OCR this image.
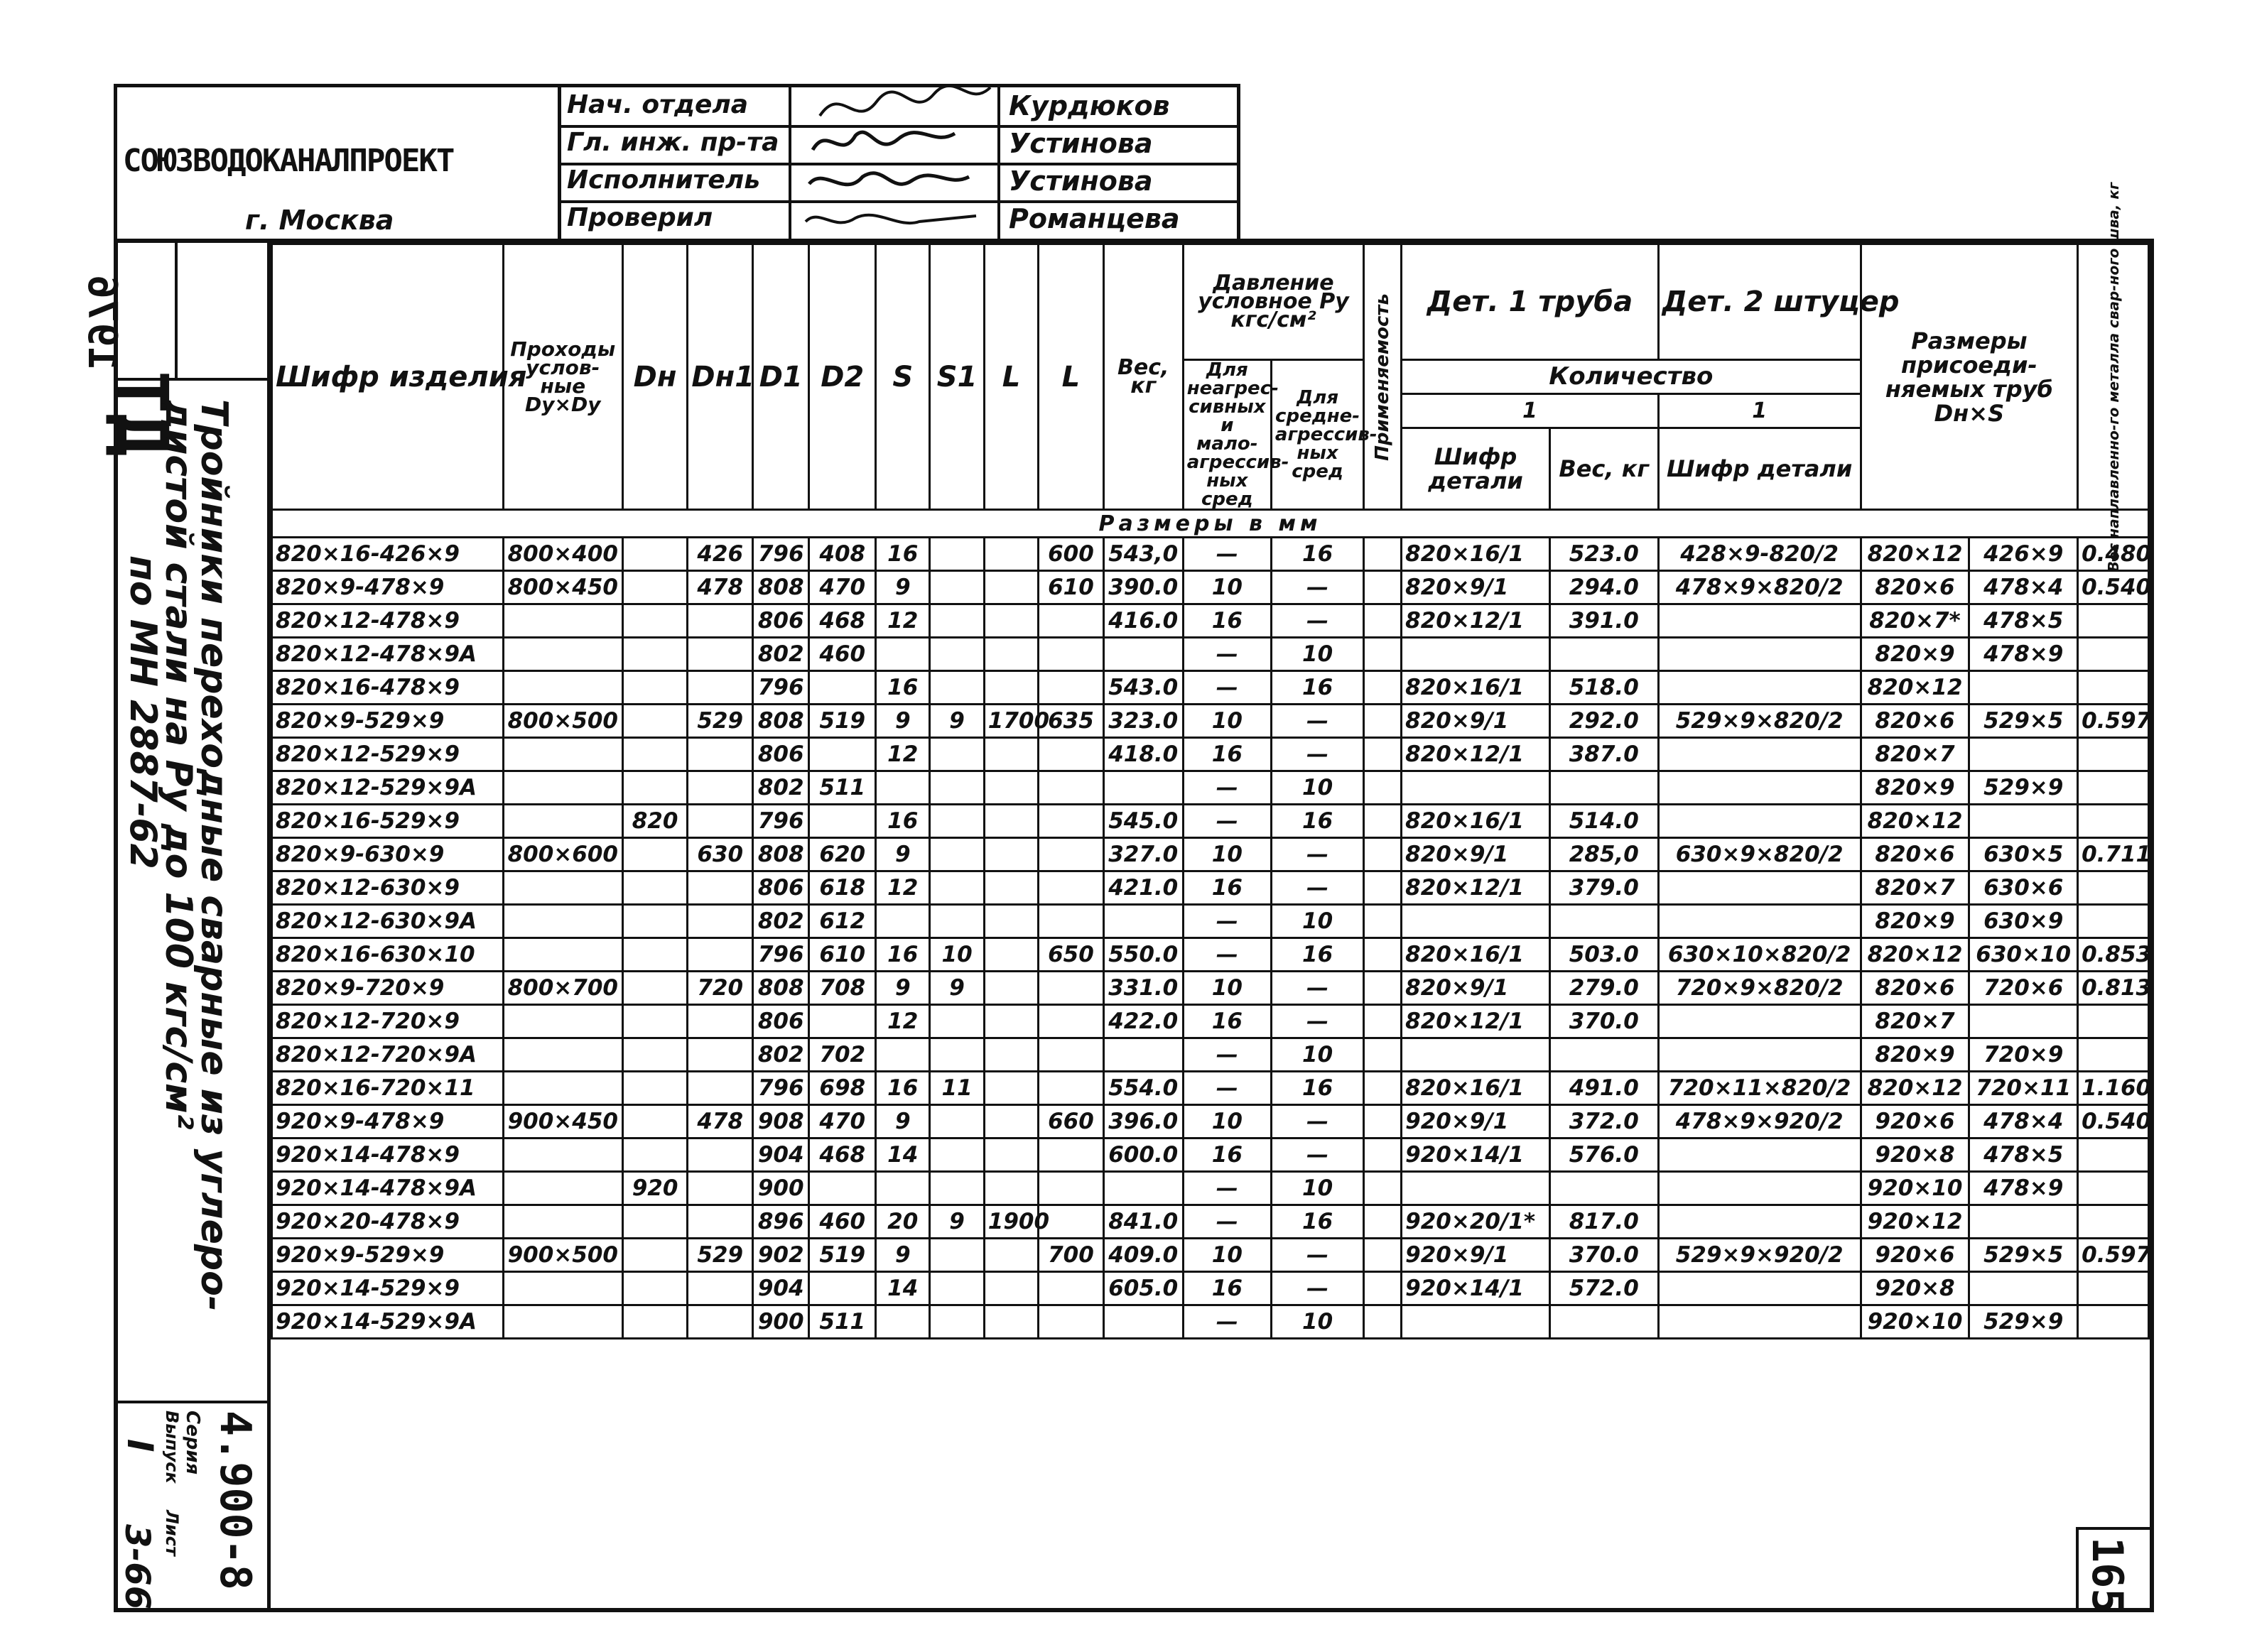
СОЮЗВОДОКАНАЛПРОЕКТ
г. Москва
Нач. отдела	Курдюков
Гл. инж. пр-та	Устинова
Исполнитель	Устинова
Проверил	Романцева
1976
ТД Тройники переходные сварные из углеро-
дистой стали на Ру до 100 кгс/см²
по МН 2887-62
Серия 4.900-8
Выпуск
I
Лист
3-66
Шифр изделия	Проходы услов-ные Dу×Dу	Dн	Dн1	D1	D2	S	S1	L	L	Вес, кг	Давление условное Ру кгс/см²		Применяемость	Дет. 1 труба		Дет. 2 штуцер	Размеры присоеди-няемых труб Dн×S		Вес наплавленно-го металла свар-ного шва, кг

											Для неагрес-сивных и мало-агрессив-ных сред	Для средне-агрессив-ных сред		Количество					
														1		1			
														Шифр детали	Вес, кг	Шифр детали			
Размеры в мм																			
820×16-426×9	800×400		426	796	408	16			600	543,0	—	16		820×16/1	523.0	428×9-820/2	820×12	426×9	0.480
820×9-478×9	800×450		478	808	470	9			610	390.0	10	—		820×9/1	294.0	478×9×820/2	820×6	478×4	0.540
820×12-478×9				806	468	12				416.0	16	—		820×12/1	391.0		820×7*	478×5	
820×12-478×9А				802	460						—	10					820×9	478×9	
820×16-478×9				796		16				543.0	—	16		820×16/1	518.0		820×12		
820×9-529×9	800×500		529	808	519	9	9	1700	635	323.0	10	—		820×9/1	292.0	529×9×820/2	820×6	529×5	0.597
820×12-529×9				806		12				418.0	16	—		820×12/1	387.0		820×7		
820×12-529×9А				802	511						—	10					820×9	529×9	
820×16-529×9		820		796		16				545.0	—	16		820×16/1	514.0		820×12		
820×9-630×9	800×600		630	808	620	9				327.0	10	—		820×9/1	285,0	630×9×820/2	820×6	630×5	0.711
820×12-630×9				806	618	12				421.0	16	—		820×12/1	379.0		820×7	630×6	
820×12-630×9А				802	612						—	10					820×9	630×9	
820×16-630×10				796	610	16	10		650	550.0	—	16		820×16/1	503.0	630×10×820/2	820×12	630×10	0.853
820×9-720×9	800×700		720	808	708	9	9			331.0	10	—		820×9/1	279.0	720×9×820/2	820×6	720×6	0.813
820×12-720×9				806		12				422.0	16	—		820×12/1	370.0		820×7		
820×12-720×9А				802	702						—	10					820×9	720×9	
820×16-720×11				796	698	16	11			554.0	—	16		820×16/1	491.0	720×11×820/2	820×12	720×11	1.160
920×9-478×9	900×450		478	908	470	9			660	396.0	10	—		920×9/1	372.0	478×9×920/2	920×6	478×4	0.540
920×14-478×9				904	468	14				600.0	16	—		920×14/1	576.0		920×8	478×5	
920×14-478×9А		920		900							—	10					920×10	478×9	
920×20-478×9				896	460	20	9	1900		841.0	—	16		920×20/1*	817.0		920×12		
920×9-529×9	900×500		529	902	519	9			700	409.0	10	—		920×9/1	370.0	529×9×920/2	920×6	529×5	0.597
920×14-529×9				904		14				605.0	16	—		920×14/1	572.0		920×8		
920×14-529×9А				900	511						—	10					920×10	529×9	
165
